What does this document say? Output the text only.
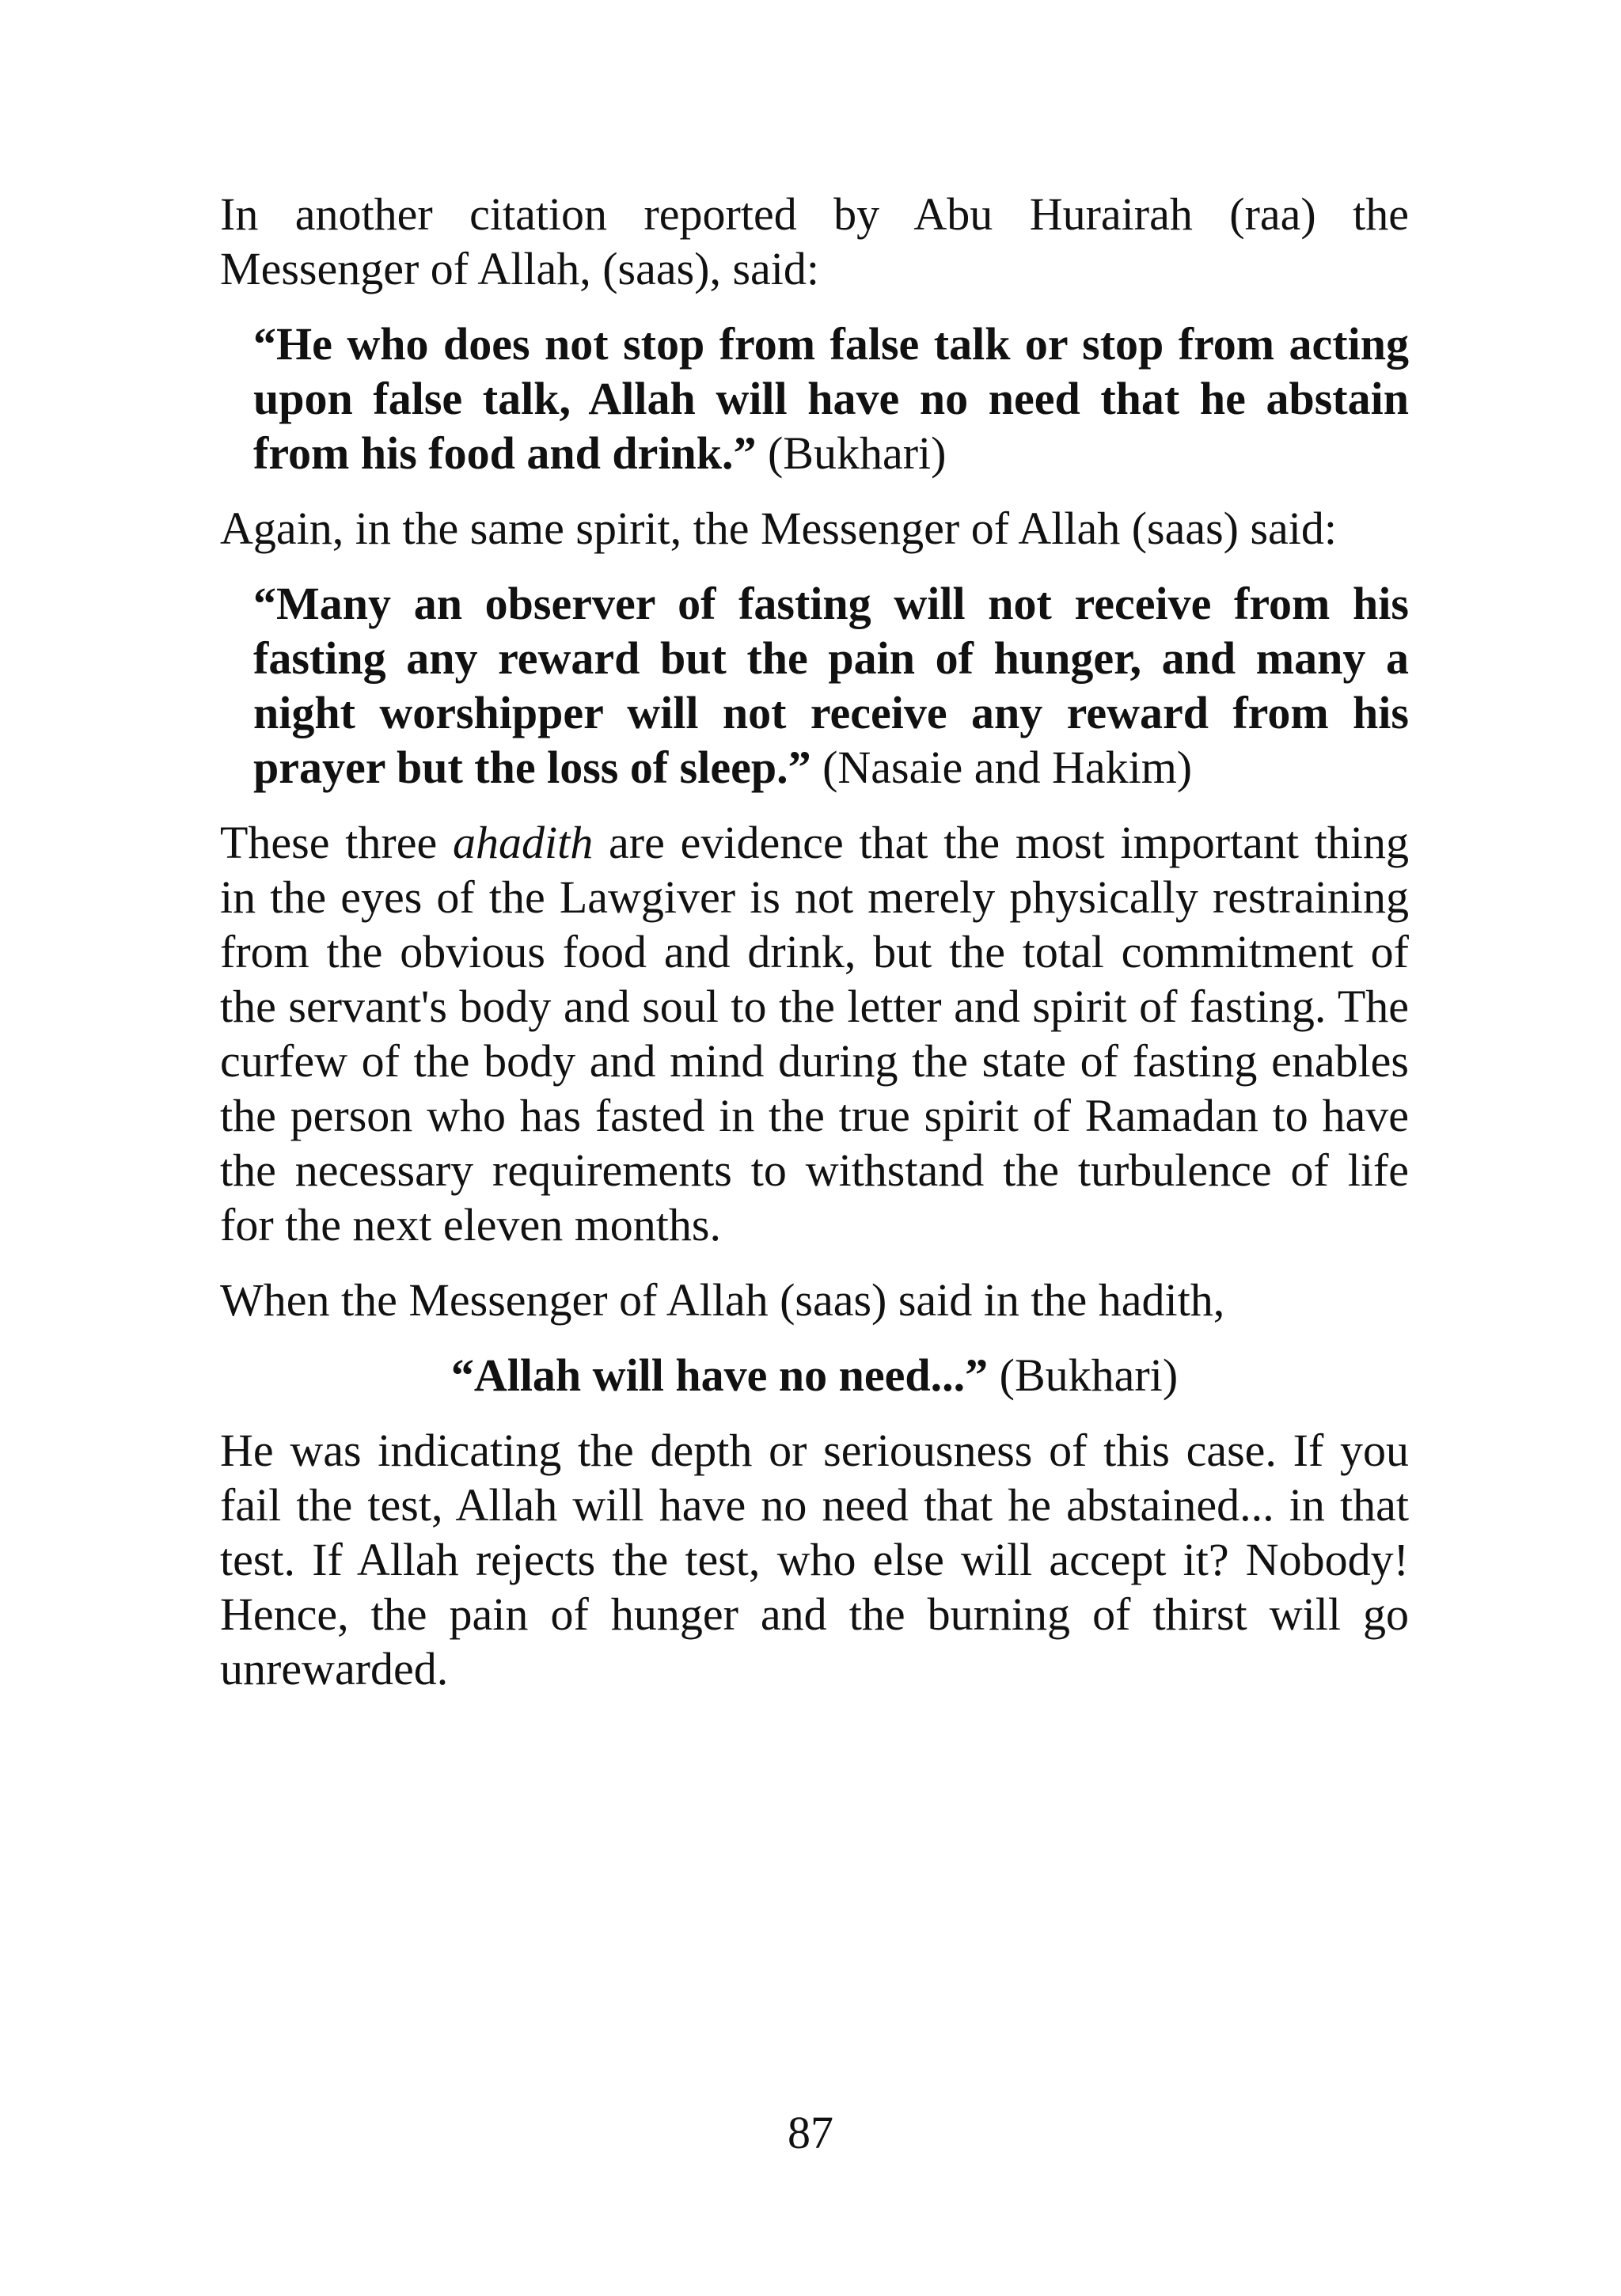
In another citation reported by Abu Hurairah (raa) the Messenger of Allah, (saas), said:

“He who does not stop from false talk or stop from acting upon false talk, Allah will have no need that he abstain from his food and drink.” (Bukhari)

Again, in the same spirit, the Messenger of Allah (saas) said:

“Many an observer of fasting will not receive from his fasting any reward but the pain of hunger, and many a night worshipper will not receive any reward from his prayer but the loss of sleep.” (Nasaie and Hakim)

These three ahadith are evidence that the most important thing in the eyes of the Lawgiver is not merely physically restraining from the obvious food and drink, but the total commitment of the servant's body and soul to the letter and spirit of fasting. The curfew of the body and mind during the state of fasting enables the person who has fasted in the true spirit of Ramadan to have the necessary requirements to withstand the turbulence of life for the next eleven months.

When the Messenger of Allah (saas) said in the hadith,

“Allah will have no need...” (Bukhari)

He was indicating the depth or seriousness of this case. If you fail the test, Allah will have no need that he abstained... in that test. If Allah rejects the test, who else will accept it? Nobody! Hence, the pain of hunger and the burning of thirst will go unrewarded.

87
